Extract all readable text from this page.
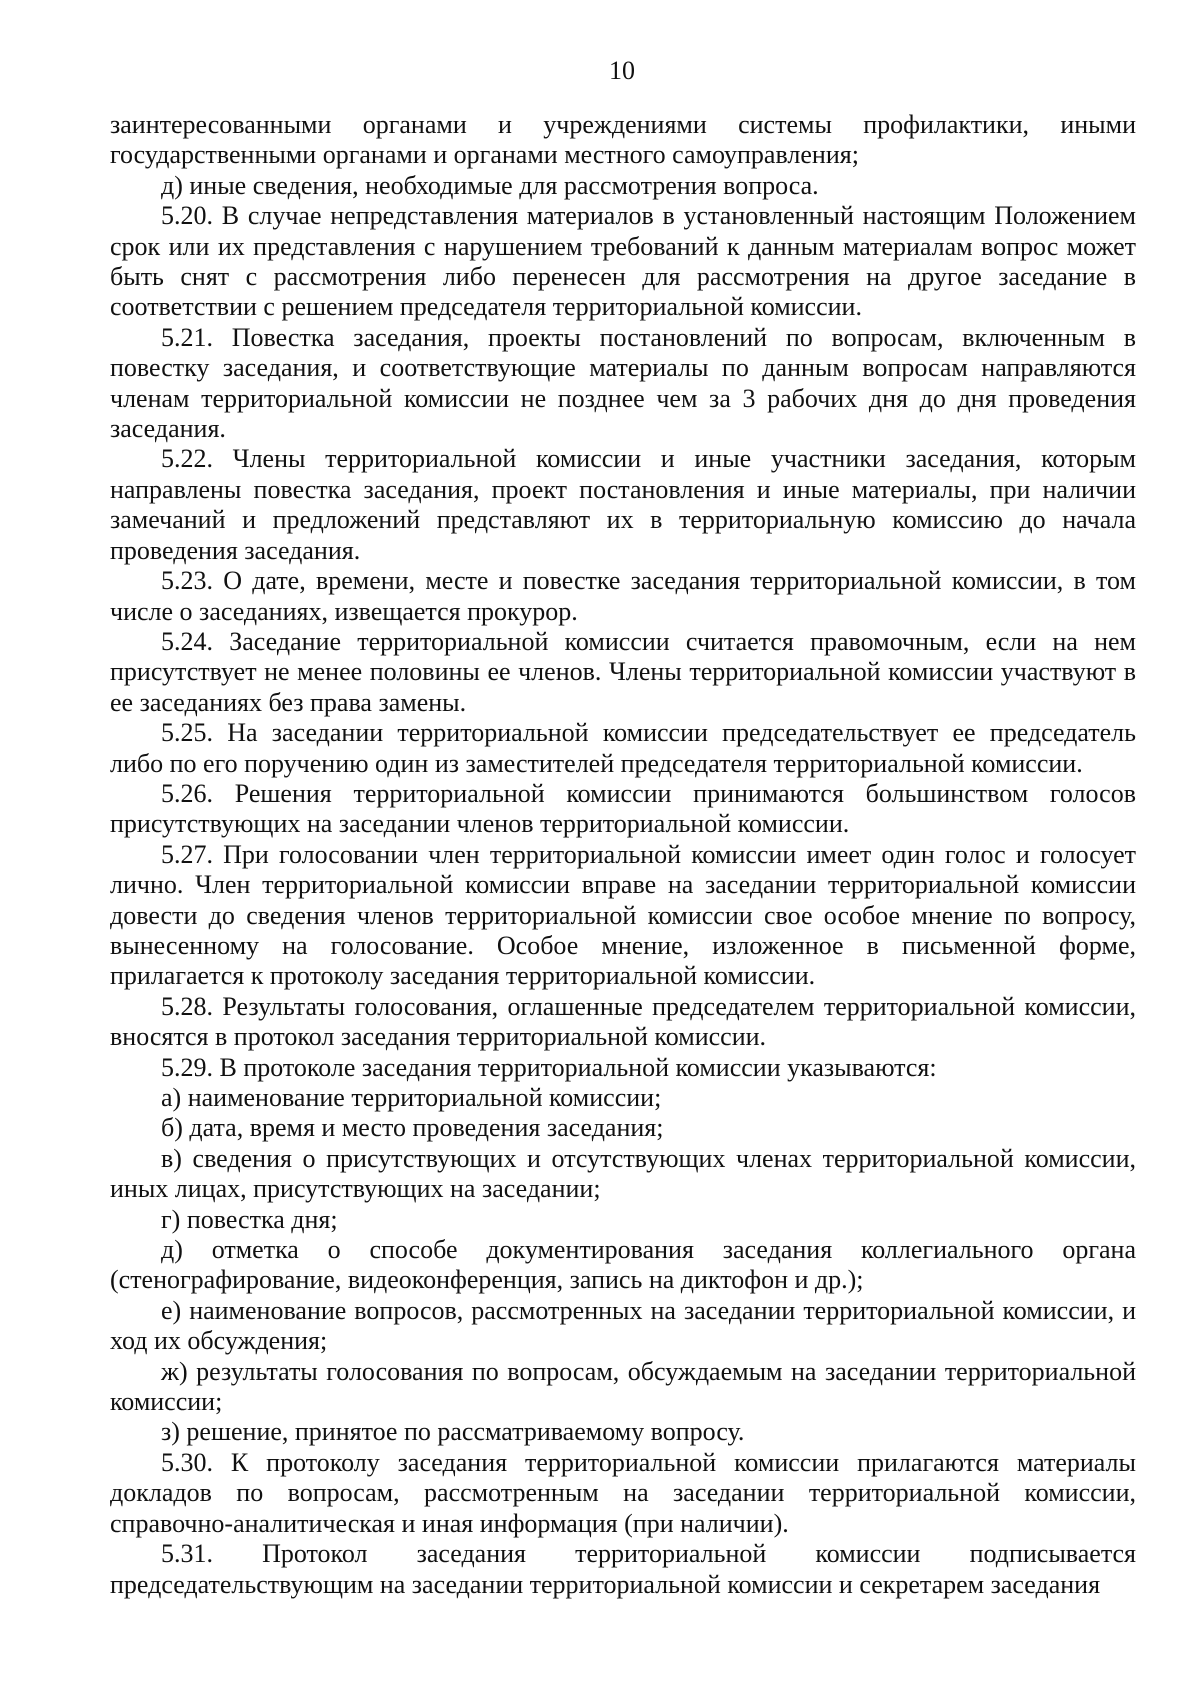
10

заинтересованными органами и учреждениями системы профилактики, иными государственными органами и органами местного самоуправления;

д) иные сведения, необходимые для рассмотрения вопроса.

5.20. В случае непредставления материалов в установленный настоящим Положением срок или их представления с нарушением требований к данным материалам вопрос может быть снят с рассмотрения либо перенесен для рассмотрения на другое заседание в соответствии с решением председателя территориальной комиссии.

5.21. Повестка заседания, проекты постановлений по вопросам, включенным в повестку заседания, и соответствующие материалы по данным вопросам направляются членам территориальной комиссии не позднее чем за 3 рабочих дня до дня проведения заседания.

5.22. Члены территориальной комиссии и иные участники заседания, которым направлены повестка заседания, проект постановления и иные материалы, при наличии замечаний и предложений представляют их в территориальную комиссию до начала проведения заседания.

5.23. О дате, времени, месте и повестке заседания территориальной комиссии, в том числе о заседаниях, извещается прокурор.

5.24. Заседание территориальной комиссии считается правомочным, если на нем присутствует не менее половины ее членов. Члены территориальной комиссии участвуют в ее заседаниях без права замены.

5.25. На заседании территориальной комиссии председательствует ее председатель либо по его поручению один из заместителей председателя территориальной комиссии.

5.26. Решения территориальной комиссии принимаются большинством голосов присутствующих на заседании членов территориальной комиссии.

5.27. При голосовании член территориальной комиссии имеет один голос и голосует лично. Член территориальной комиссии вправе на заседании территориальной комиссии довести до сведения членов территориальной комиссии свое особое мнение по вопросу, вынесенному на голосование. Особое мнение, изложенное в письменной форме, прилагается к протоколу заседания территориальной комиссии.

5.28. Результаты голосования, оглашенные председателем территориальной комиссии, вносятся в протокол заседания территориальной комиссии.

5.29. В протоколе заседания территориальной комиссии указываются:

а) наименование территориальной комиссии;

б) дата, время и место проведения заседания;

в) сведения о присутствующих и отсутствующих членах территориальной комиссии, иных лицах, присутствующих на заседании;

г) повестка дня;

д) отметка о способе документирования заседания коллегиального органа (стенографирование, видеоконференция, запись на диктофон и др.);

е) наименование вопросов, рассмотренных на заседании территориальной комиссии, и ход их обсуждения;

ж) результаты голосования по вопросам, обсуждаемым на заседании территориальной комиссии;

з) решение, принятое по рассматриваемому вопросу.

5.30. К протоколу заседания территориальной комиссии прилагаются материалы докладов по вопросам, рассмотренным на заседании территориальной комиссии, справочно-аналитическая и иная информация (при наличии).

5.31. Протокол заседания территориальной комиссии подписывается председательствующим на заседании территориальной комиссии и секретарем заседания
